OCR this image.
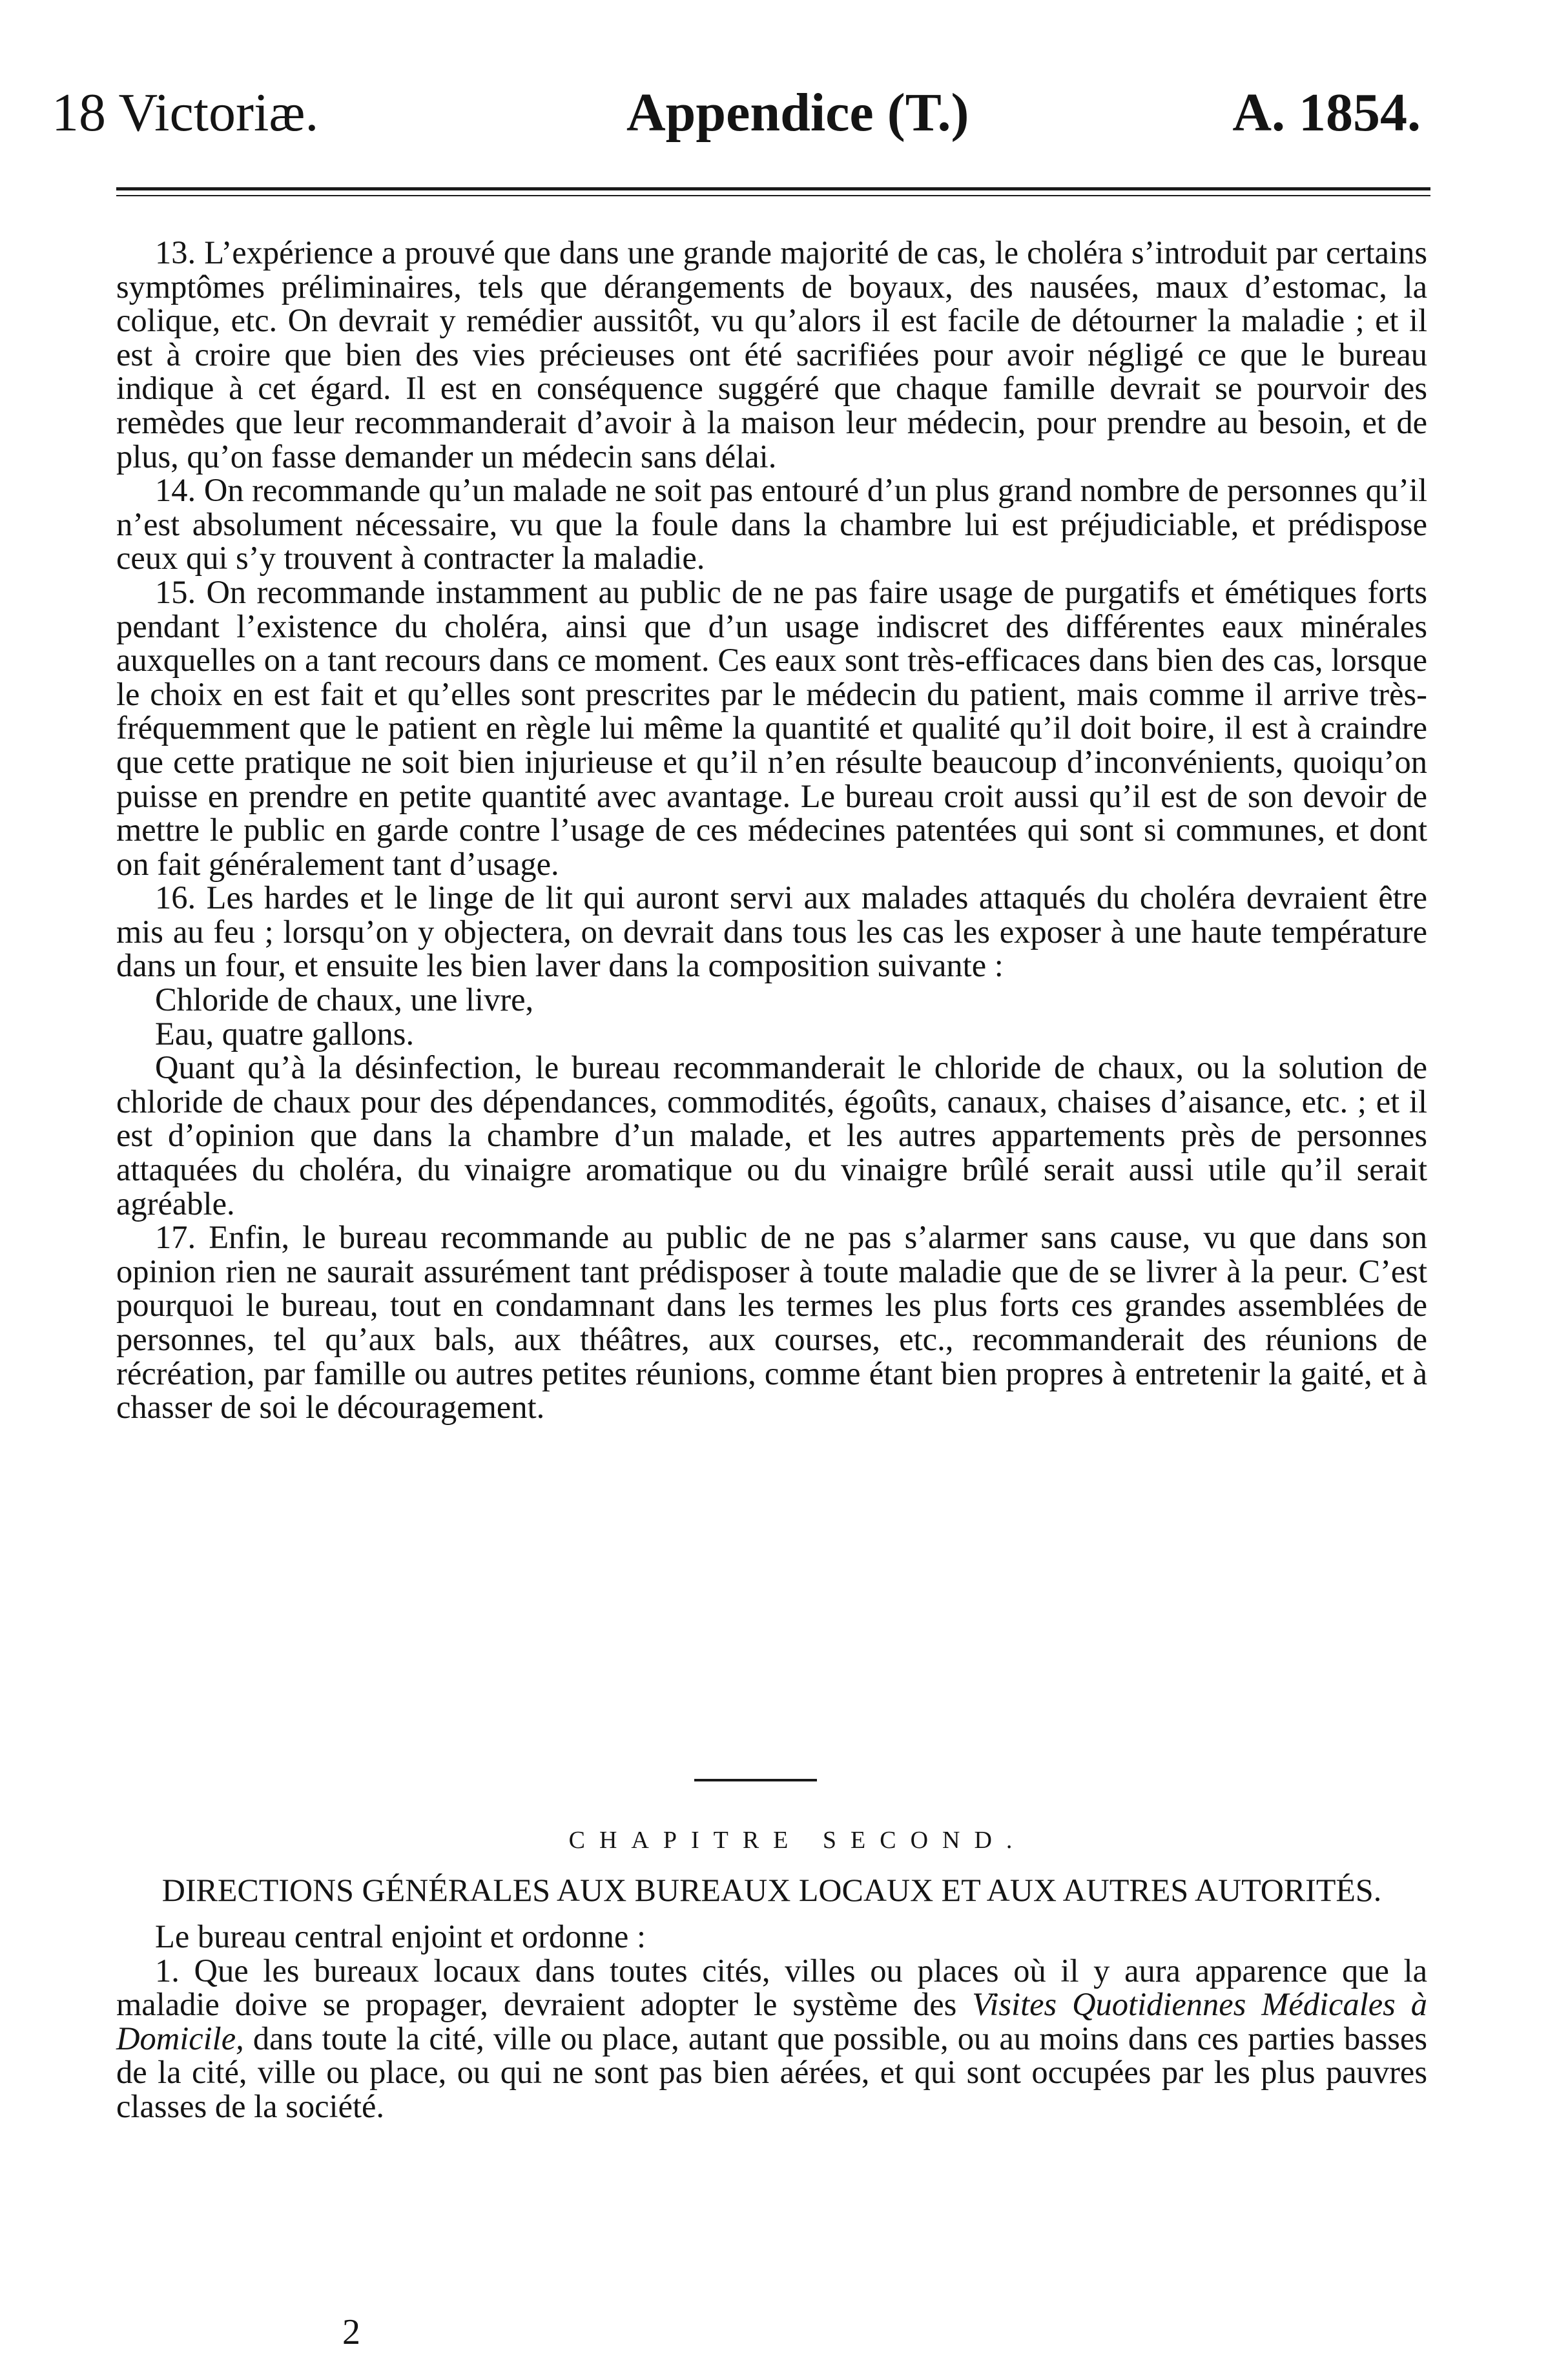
18 Victoriæ.	Appendice (T.)	A. 1854.

13. L’expérience a prouvé que dans une grande majorité de cas, le choléra s’introduit par certains symptômes préliminaires, tels que dérangements de boyaux, des nausées, maux d’estomac, la colique, etc. On devrait y remédier aussitôt, vu qu’alors il est facile de détourner la maladie ; et il est à croire que bien des vies précieuses ont été sacrifiées pour avoir négligé ce que le bureau indique à cet égard. Il est en conséquence suggéré que chaque famille devrait se pourvoir des remèdes que leur recommanderait d’avoir à la maison leur médecin, pour prendre au besoin, et de plus, qu’on fasse demander un médecin sans délai.

14. On recommande qu’un malade ne soit pas entouré d’un plus grand nombre de personnes qu’il n’est absolument nécessaire, vu que la foule dans la chambre lui est préjudiciable, et prédispose ceux qui s’y trouvent à contracter la maladie.

15. On recommande instamment au public de ne pas faire usage de purgatifs et émétiques forts pendant l’existence du choléra, ainsi que d’un usage indiscret des différentes eaux minérales auxquelles on a tant recours dans ce moment. Ces eaux sont très-efficaces dans bien des cas, lorsque le choix en est fait et qu’elles sont prescrites par le médecin du patient, mais comme il arrive très-fréquemment que le patient en règle lui même la quantité et qualité qu’il doit boire, il est à craindre que cette pratique ne soit bien injurieuse et qu’il n’en résulte beaucoup d’inconvénients, quoiqu’on puisse en prendre en petite quantité avec avantage. Le bureau croit aussi qu’il est de son devoir de mettre le public en garde contre l’usage de ces médecines patentées qui sont si communes, et dont on fait généralement tant d’usage.

16. Les hardes et le linge de lit qui auront servi aux malades attaqués du choléra devraient être mis au feu ; lorsqu’on y objectera, on devrait dans tous les cas les exposer à une haute température dans un four, et ensuite les bien laver dans la composition suivante :

Chloride de chaux, une livre,

Eau, quatre gallons.

Quant qu’à la désinfection, le bureau recommanderait le chloride de chaux, ou la solution de chloride de chaux pour des dépendances, commodités, égoûts, canaux, chaises d’aisance, etc. ; et il est d’opinion que dans la chambre d’un malade, et les autres appartements près de personnes attaquées du choléra, du vinaigre aromatique ou du vinaigre brûlé serait aussi utile qu’il serait agréable.

17. Enfin, le bureau recommande au public de ne pas s’alarmer sans cause, vu que dans son opinion rien ne saurait assurément tant prédisposer à toute maladie que de se livrer à la peur. C’est pourquoi le bureau, tout en condamnant dans les termes les plus forts ces grandes assemblées de personnes, tel qu’aux bals, aux théâtres, aux courses, etc., recommanderait des réunions de récréation, par famille ou autres petites réunions, comme étant bien propres à entretenir la gaité, et à chasser de soi le découragement.

CHAPITRE SECOND.
DIRECTIONS GÉNÉRALES AUX BUREAUX LOCAUX ET AUX AUTRES AUTORITÉS.

Le bureau central enjoint et ordonne :

1. Que les bureaux locaux dans toutes cités, villes ou places où il y aura apparence que la maladie doive se propager, devraient adopter le système des Visites Quotidiennes Médicales à Domicile, dans toute la cité, ville ou place, autant que possible, ou au moins dans ces parties basses de la cité, ville ou place, ou qui ne sont pas bien aérées, et qui sont occupées par les plus pauvres classes de la société.

2
